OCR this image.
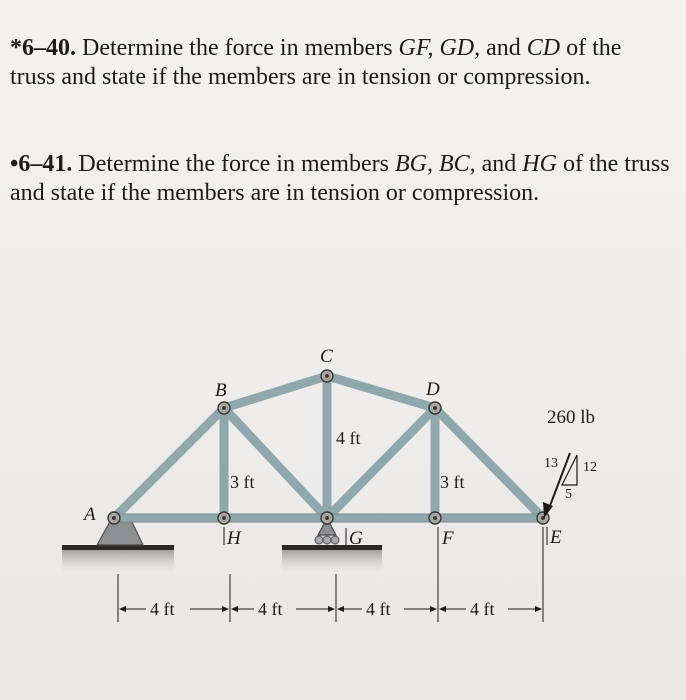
*6–40. Determine the force in members GF, GD, and CD of the truss and state if the members are in tension or compression.
•6–41. Determine the force in members BG, BC, and HG of the truss and state if the members are in tension or compression.
A
B
C
D
E
F
G
H
3 ft
4 ft
3 ft
260 lb
13 12
5
4 ft	4 ft	4 ft	4 ft
